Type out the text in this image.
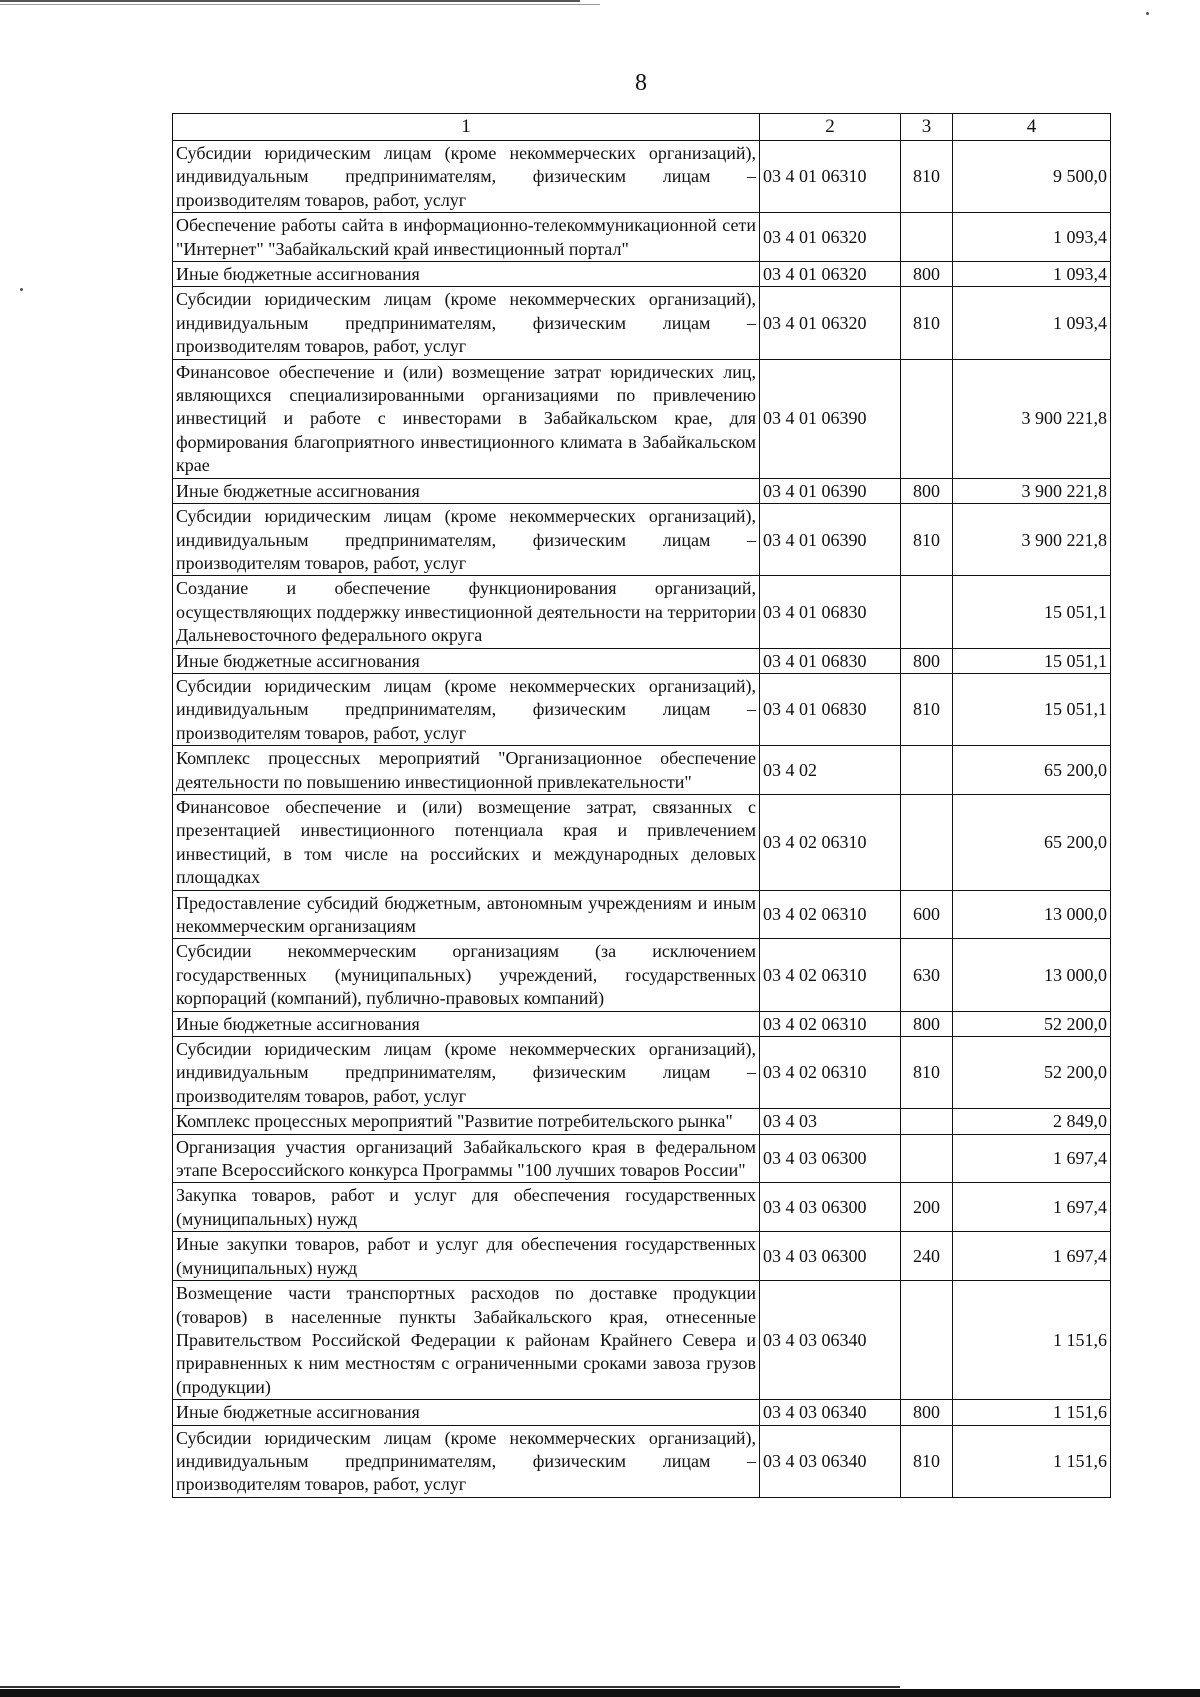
8
1	2	3	4
Субсидии юридическим лицам (кроме некоммерческих организаций), индивидуальным предпринимателям, физическим лицам – производителям товаров, работ, услуг	03 4 01 06310	810	9 500,0
Обеспечение работы сайта в информационно-телекоммуникационной сети "Интернет" "Забайкальский край инвестиционный портал"	03 4 01 06320		1 093,4
Иные бюджетные ассигнования	03 4 01 06320	800	1 093,4
Субсидии юридическим лицам (кроме некоммерческих организаций), индивидуальным предпринимателям, физическим лицам – производителям товаров, работ, услуг	03 4 01 06320	810	1 093,4
Финансовое обеспечение и (или) возмещение затрат юридических лиц, являющихся специализированными организациями по привлечению инвестиций и работе с инвесторами в Забайкальском крае, для формирования благоприятного инвестиционного климата в Забайкальском крае	03 4 01 06390		3 900 221,8
Иные бюджетные ассигнования	03 4 01 06390	800	3 900 221,8
Субсидии юридическим лицам (кроме некоммерческих организаций), индивидуальным предпринимателям, физическим лицам – производителям товаров, работ, услуг	03 4 01 06390	810	3 900 221,8
Создание и обеспечение функционирования организаций, осуществляющих поддержку инвестиционной деятельности на территории Дальневосточного федерального округа	03 4 01 06830		15 051,1
Иные бюджетные ассигнования	03 4 01 06830	800	15 051,1
Субсидии юридическим лицам (кроме некоммерческих организаций), индивидуальным предпринимателям, физическим лицам – производителям товаров, работ, услуг	03 4 01 06830	810	15 051,1
Комплекс процессных мероприятий "Организационное обеспечение деятельности по повышению инвестиционной привлекательности"	03 4 02		65 200,0
Финансовое обеспечение и (или) возмещение затрат, связанных с презентацией инвестиционного потенциала края и привлечением инвестиций, в том числе на российских и международных деловых площадках	03 4 02 06310		65 200,0
Предоставление субсидий бюджетным, автономным учреждениям и иным некоммерческим организациям	03 4 02 06310	600	13 000,0
Субсидии некоммерческим организациям (за исключением государственных (муниципальных) учреждений, государственных корпораций (компаний), публично-правовых компаний)	03 4 02 06310	630	13 000,0
Иные бюджетные ассигнования	03 4 02 06310	800	52 200,0
Субсидии юридическим лицам (кроме некоммерческих организаций), индивидуальным предпринимателям, физическим лицам – производителям товаров, работ, услуг	03 4 02 06310	810	52 200,0
Комплекс процессных мероприятий "Развитие потребительского рынка"	03 4 03		2 849,0
Организация участия организаций Забайкальского края в федеральном этапе Всероссийского конкурса Программы "100 лучших товаров России"	03 4 03 06300		1 697,4
Закупка товаров, работ и услуг для обеспечения государственных (муниципальных) нужд	03 4 03 06300	200	1 697,4
Иные закупки товаров, работ и услуг для обеспечения государственных (муниципальных) нужд	03 4 03 06300	240	1 697,4
Возмещение части транспортных расходов по доставке продукции (товаров) в населенные пункты Забайкальского края, отнесенные Правительством Российской Федерации к районам Крайнего Севера и приравненных к ним местностям с ограниченными сроками завоза грузов (продукции)	03 4 03 06340		1 151,6
Иные бюджетные ассигнования	03 4 03 06340	800	1 151,6
Субсидии юридическим лицам (кроме некоммерческих организаций), индивидуальным предпринимателям, физическим лицам – производителям товаров, работ, услуг	03 4 03 06340	810	1 151,6
